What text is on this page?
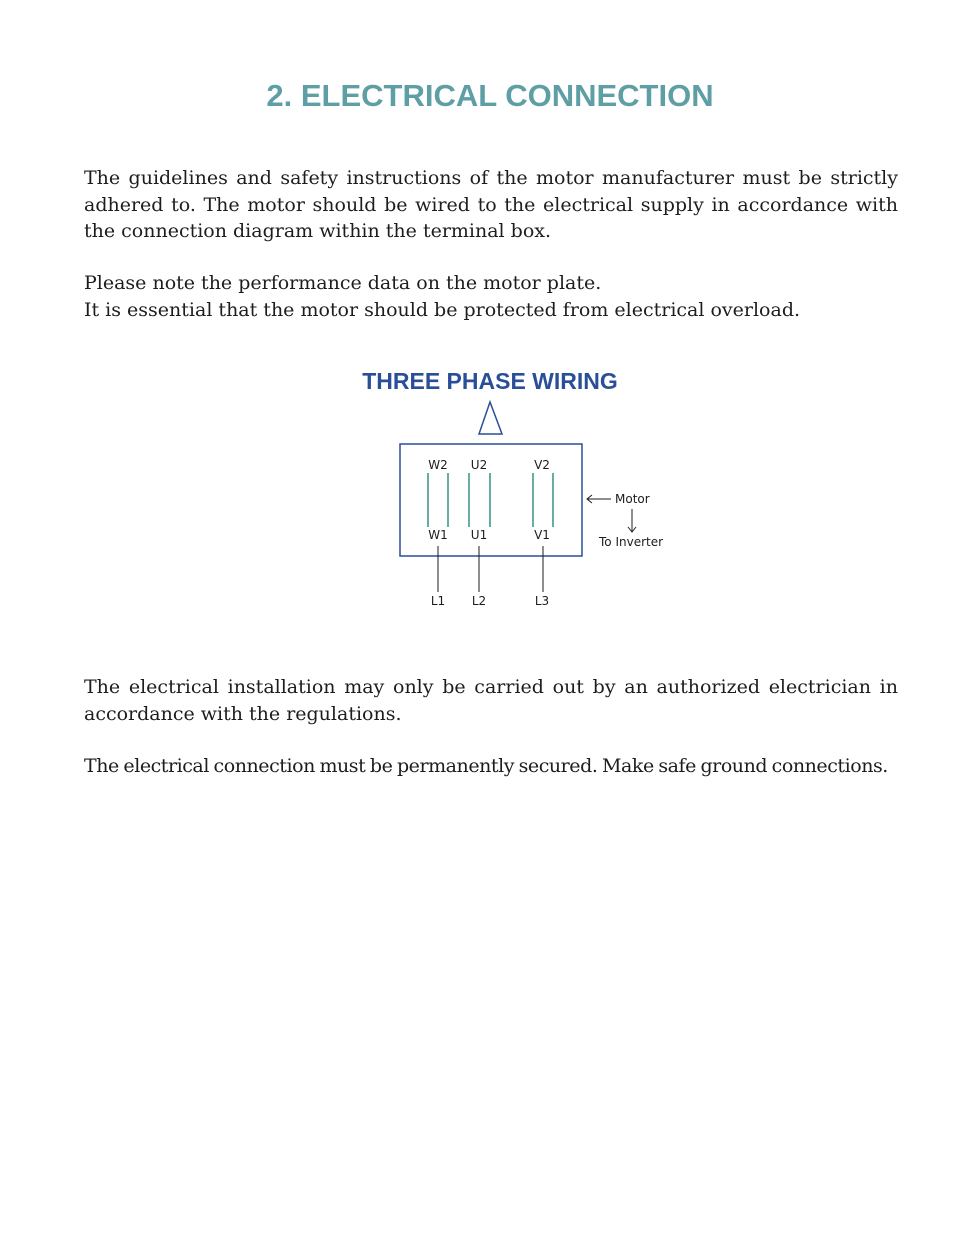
2. ELECTRICAL CONNECTION

The guidelines and safety instructions of the motor manufacturer must be strictly adhered to. The motor should be wired to the electrical supply in accordance with the connection diagram within the terminal box.

Please note the performance data on the motor plate.
It is essential that the motor should be protected from electrical overload.

THREE PHASE WIRING
W2 U2	V2
W1 U1	V1
L1 L2	L3
Motor
To Inverter

The electrical installation may only be carried out by an authorized electrician in accordance with the regulations.

The electrical connection must be permanently secured. Make safe ground connections.
